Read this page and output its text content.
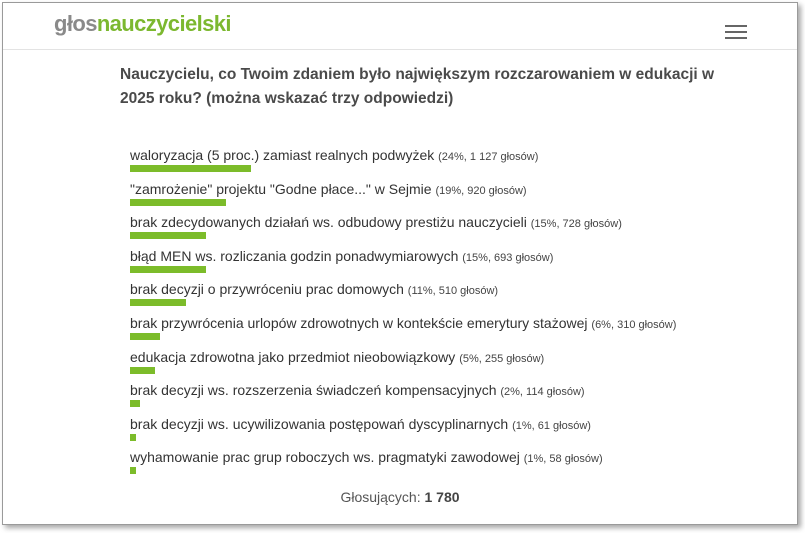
głosnauczycielski
Nauczycielu, co Twoim zdaniem było największym rozczarowaniem w edukacji w 2025 roku? (można wskazać trzy odpowiedzi)
waloryzacja (5 proc.) zamiast realnych podwyżek (24%, 1 127 głosów)
"zamrożenie" projektu "Godne płace..." w Sejmie (19%, 920 głosów)
brak zdecydowanych działań ws. odbudowy prestiżu nauczycieli (15%, 728 głosów)
błąd MEN ws. rozliczania godzin ponadwymiarowych (15%, 693 głosów)
brak decyzji o przywróceniu prac domowych (11%, 510 głosów)
brak przywrócenia urlopów zdrowotnych w kontekście emerytury stażowej (6%, 310 głosów)
edukacja zdrowotna jako przedmiot nieobowiązkowy (5%, 255 głosów)
brak decyzji ws. rozszerzenia świadczeń kompensacyjnych (2%, 114 głosów)
brak decyzji ws. ucywilizowania postępowań dyscyplinarnych (1%, 61 głosów)
wyhamowanie prac grup roboczych ws. pragmatyki zawodowej (1%, 58 głosów)
Głosujących: 1 780
